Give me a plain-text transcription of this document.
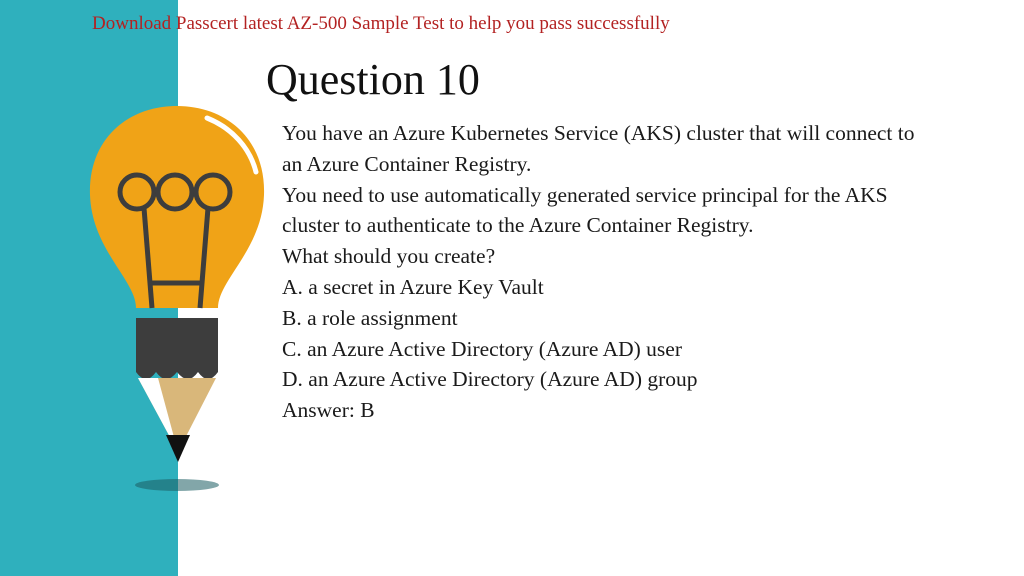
Download Passcert latest AZ-500 Sample Test to help you pass successfully
Question 10
You have an Azure Kubernetes Service (AKS) cluster that will connect to
an Azure Container Registry.
You need to use automatically generated service principal for the AKS
cluster to authenticate to the Azure Container Registry.
What should you create?
A. a secret in Azure Key Vault
B. a role assignment
C. an Azure Active Directory (Azure AD) user
D. an Azure Active Directory (Azure AD) group
Answer: B
